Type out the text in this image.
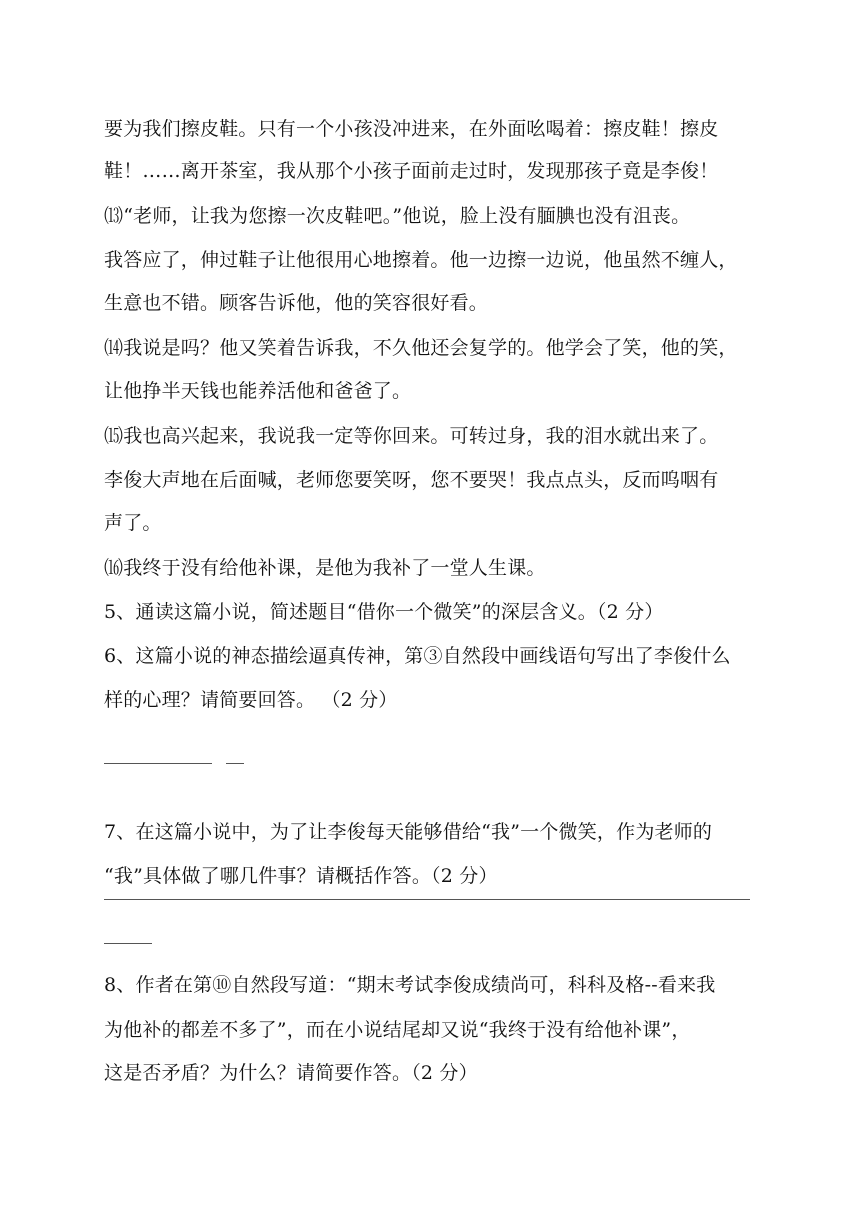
要为我们擦皮鞋。只有一个小孩没冲进来，在外面吆喝着：擦皮鞋！擦皮
鞋！……离开茶室，我从那个小孩子面前走过时，发现那孩子竟是李俊！
⒀“老师，让我为您擦一次皮鞋吧。”他说，脸上没有腼腆也没有沮丧。
我答应了，伸过鞋子让他很用心地擦着。他一边擦一边说，他虽然不缠人，
生意也不错。顾客告诉他，他的笑容很好看。
⒁我说是吗？他又笑着告诉我，不久他还会复学的。他学会了笑，他的笑，
让他挣半天钱也能养活他和爸爸了。
⒂我也高兴起来，我说我一定等你回来。可转过身，我的泪水就出来了。
李俊大声地在后面喊，老师您要笑呀，您不要哭！我点点头，反而呜咽有
声了。
⒃我终于没有给他补课，是他为我补了一堂人生课。
5、通读这篇小说，简述题目“借你一个微笑”的深层含义。（2 分）
6、这篇小说的神态描绘逼真传神，第③自然段中画线语句写出了李俊什么
样的心理？请简要回答。 （2 分）
7、在这篇小说中，为了让李俊每天能够借给“我”一个微笑，作为老师的
“我”具体做了哪几件事？请概括作答。（2 分）
8、作者在第⑩自然段写道：“期末考试李俊成绩尚可，科科及格--看来我
为他补的都差不多了”，而在小说结尾却又说“我终于没有给他补课”，
这是否矛盾？为什么？请简要作答。（2 分）
